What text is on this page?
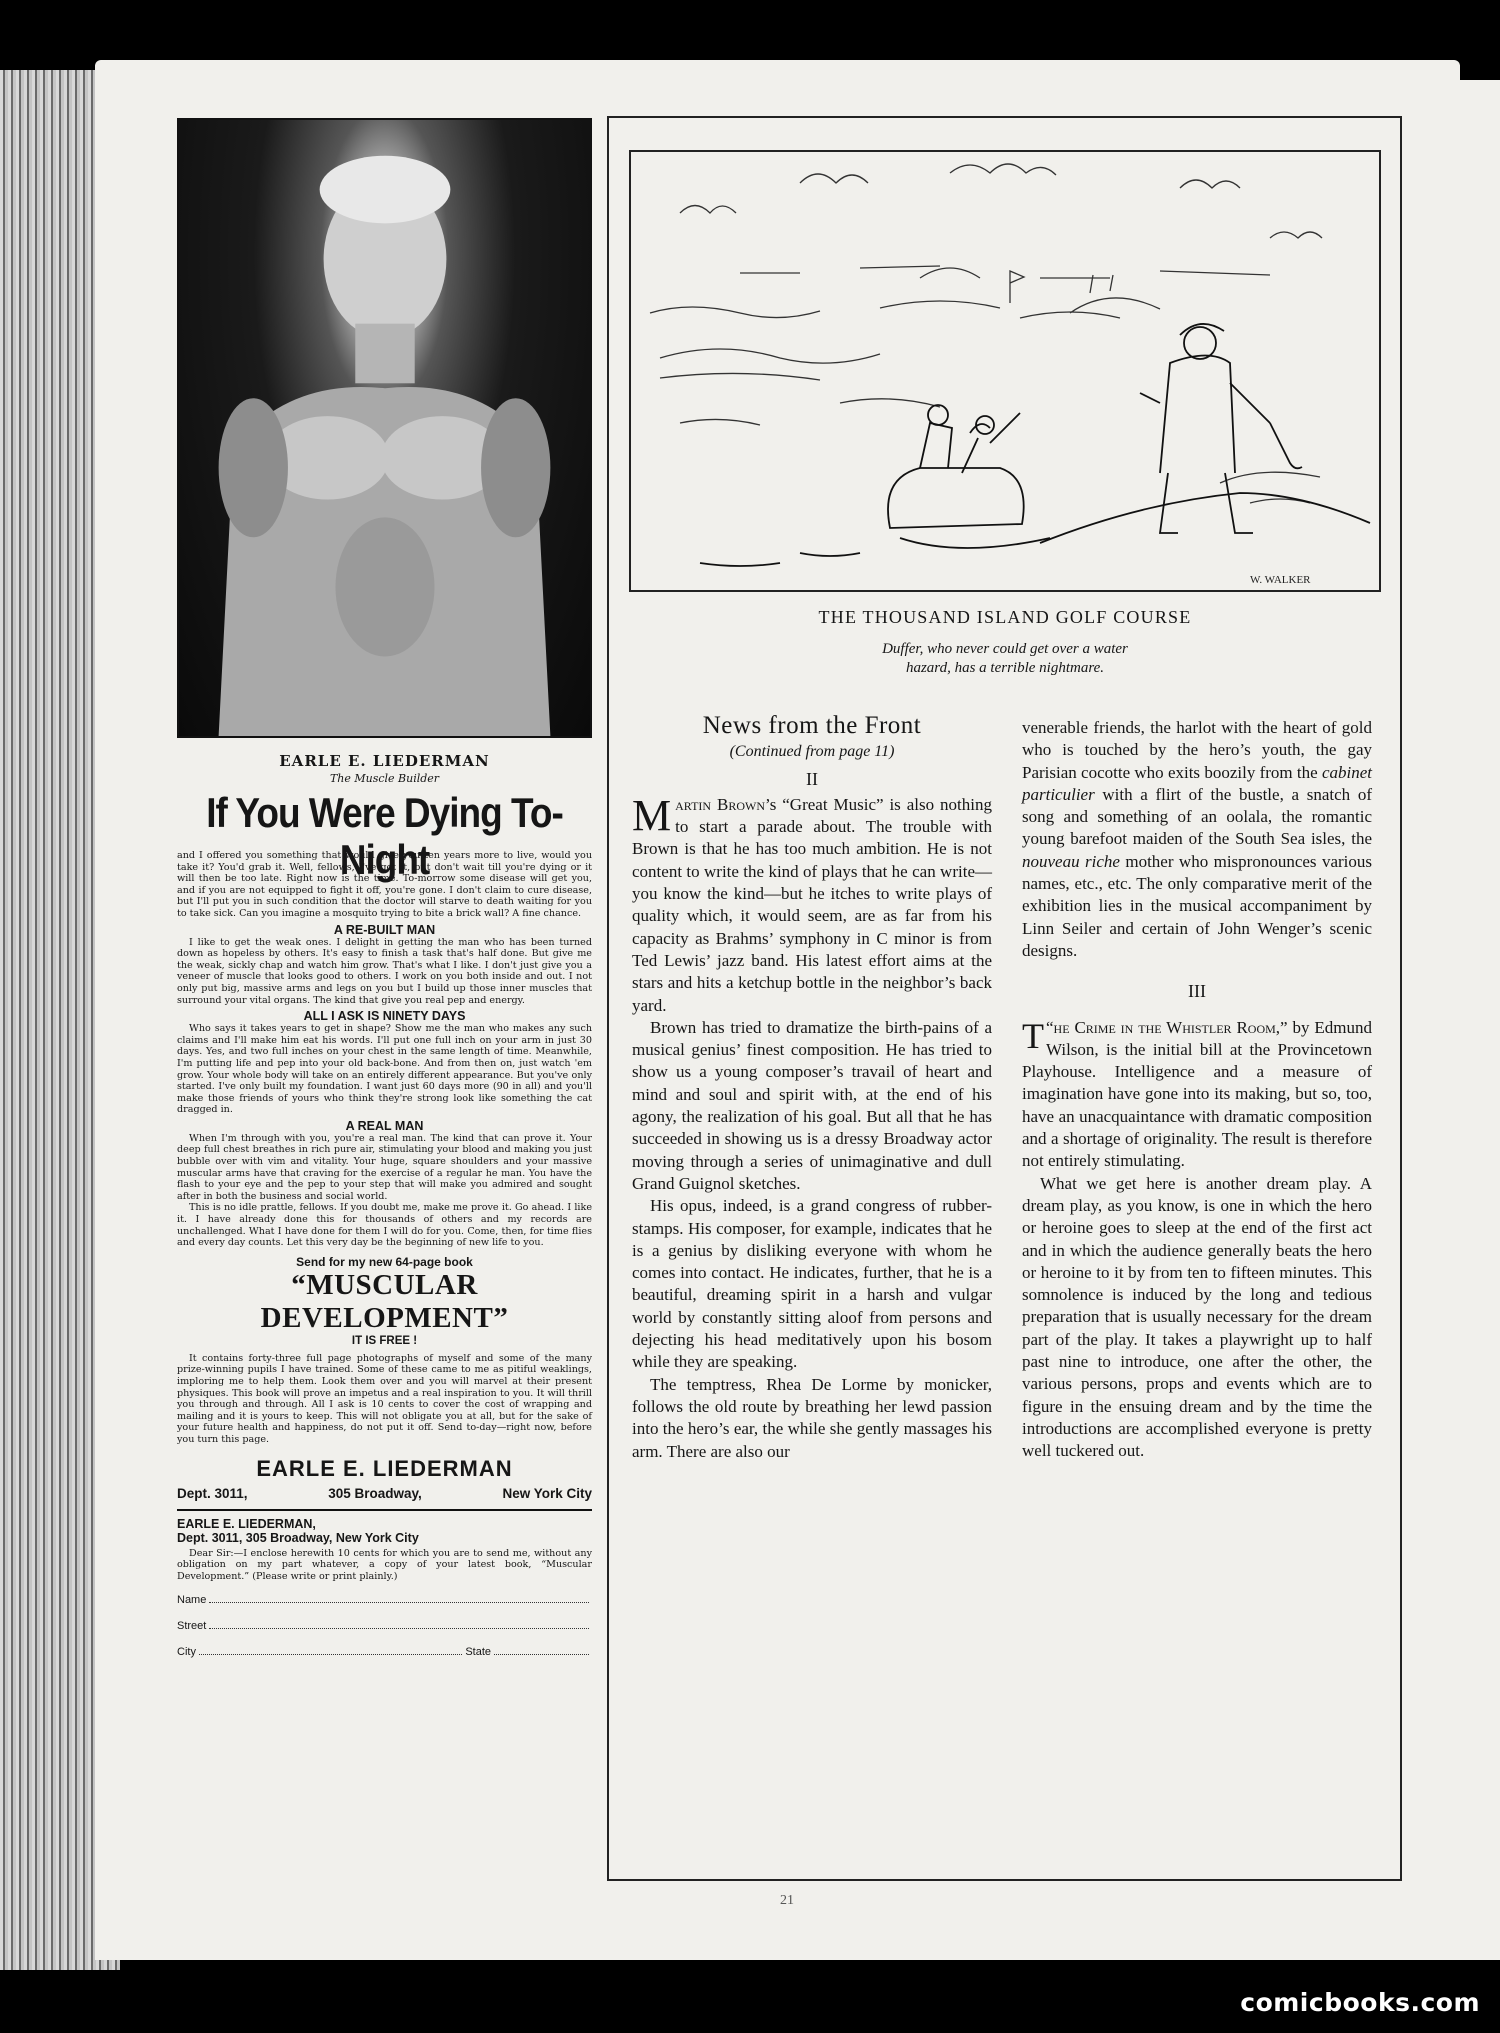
EARLE E. LIEDERMAN
The Muscle Builder
If You Were Dying To-Night

and I offered you something that would give you ten years more to live, would you take it? You'd grab it. Well, fellows, I've got it, but don't wait till you're dying or it will then be too late. Right now is the time. To-morrow some disease will get you, and if you are not equipped to fight it off, you're gone. I don't claim to cure disease, but I'll put you in such condition that the doctor will starve to death waiting for you to take sick. Can you imagine a mosquito trying to bite a brick wall? A fine chance.

A RE-BUILT MAN

I like to get the weak ones. I delight in getting the man who has been turned down as hopeless by others. It's easy to finish a task that's half done. But give me the weak, sickly chap and watch him grow. That's what I like. I don't just give you a veneer of muscle that looks good to others. I work on you both inside and out. I not only put big, massive arms and legs on you but I build up those inner muscles that surround your vital organs. The kind that give you real pep and energy.

ALL I ASK IS NINETY DAYS

Who says it takes years to get in shape? Show me the man who makes any such claims and I'll make him eat his words. I'll put one full inch on your arm in just 30 days. Yes, and two full inches on your chest in the same length of time. Meanwhile, I'm putting life and pep into your old back-bone. And from then on, just watch 'em grow. Your whole body will take on an entirely different appearance. But you've only started. I've only built my foundation. I want just 60 days more (90 in all) and you'll make those friends of yours who think they're strong look like something the cat dragged in.

A REAL MAN

When I'm through with you, you're a real man. The kind that can prove it. Your deep full chest breathes in rich pure air, stimulating your blood and making you just bubble over with vim and vitality. Your huge, square shoulders and your massive muscular arms have that craving for the exercise of a regular he man. You have the flash to your eye and the pep to your step that will make you admired and sought after in both the business and social world.

This is no idle prattle, fellows. If you doubt me, make me prove it. Go ahead. I like it. I have already done this for thousands of others and my records are unchallenged. What I have done for them I will do for you. Come, then, for time flies and every day counts. Let this very day be the beginning of new life to you.

Send for my new 64-page book
“MUSCULAR DEVELOPMENT”
IT IS FREE !

It contains forty-three full page photographs of myself and some of the many prize-winning pupils I have trained. Some of these came to me as pitiful weaklings, imploring me to help them. Look them over and you will marvel at their present physiques. This book will prove an impetus and a real inspiration to you. It will thrill you through and through. All I ask is 10 cents to cover the cost of wrapping and mailing and it is yours to keep. This will not obligate you at all, but for the sake of your future health and happiness, do not put it off. Send to-day—right now, before you turn this page.

EARLE E. LIEDERMAN
Dept. 3011,	305 Broadway,	New York City
EARLE E. LIEDERMAN,
Dept. 3011, 305 Broadway, New York City

Dear Sir:—I enclose herewith 10 cents for which you are to send me, without any obligation on my part whatever, a copy of your latest book, “Muscular Development.” (Please write or print plainly.)

Name
Street
City	State
W. WALKER
THE THOUSAND ISLAND GOLF COURSE
Duffer, who never could get over a water
hazard, has a terrible nightmare.
News from the Front
(Continued from page 11)
II

Martin Brown’s “Great Music” is also nothing to start a parade about. The trouble with Brown is that he has too much ambition. He is not content to write the kind of plays that he can write—you know the kind—but he itches to write plays of quality which, it would seem, are as far from his capacity as Brahms’ symphony in C minor is from Ted Lewis’ jazz band. His latest effort aims at the stars and hits a ketchup bottle in the neighbor’s back yard.

Brown has tried to dramatize the birth-pains of a musical genius’ finest composition. He has tried to show us a young composer’s travail of heart and mind and soul and spirit with, at the end of his agony, the realization of his goal. But all that he has succeeded in showing us is a dressy Broadway actor moving through a series of unimaginative and dull Grand Guignol sketches.

His opus, indeed, is a grand congress of rubber-stamps. His composer, for example, indicates that he is a genius by disliking everyone with whom he comes into contact. He indicates, further, that he is a beautiful, dreaming spirit in a harsh and vulgar world by constantly sitting aloof from persons and dejecting his head meditatively upon his bosom while they are speaking.

The temptress, Rhea De Lorme by monicker, follows the old route by breathing her lewd passion into the hero’s ear, the while she gently massages his arm. There are also our

venerable friends, the harlot with the heart of gold who is touched by the hero’s youth, the gay Parisian cocotte who exits boozily from the cabinet particulier with a flirt of the bustle, a snatch of song and something of an oolala, the romantic young barefoot maiden of the South Sea isles, the nouveau riche mother who mispronounces various names, etc., etc. The only comparative merit of the exhibition lies in the musical accompaniment by Linn Seiler and certain of John Wenger’s scenic designs.

III

“
T he Crime in the Whistler Room,” by Edmund Wilson, is the initial bill at the Provincetown Playhouse. Intelligence and a measure of imagination have gone into its making, but so, too, have an unacquaintance with dramatic composition and a shortage of originality. The result is therefore not entirely stimulating.

What we get here is another dream play. A dream play, as you know, is one in which the hero or heroine goes to sleep at the end of the first act and in which the audience generally beats the hero or heroine to it by from ten to fifteen minutes. This somnolence is induced by the long and tedious preparation that is usually necessary for the dream part of the play. It takes a playwright up to half past nine to introduce, one after the other, the various persons, props and events which are to figure in the ensuing dream and by the time the introductions are accomplished everyone is pretty well tuckered out.

21
comicbooks.com
